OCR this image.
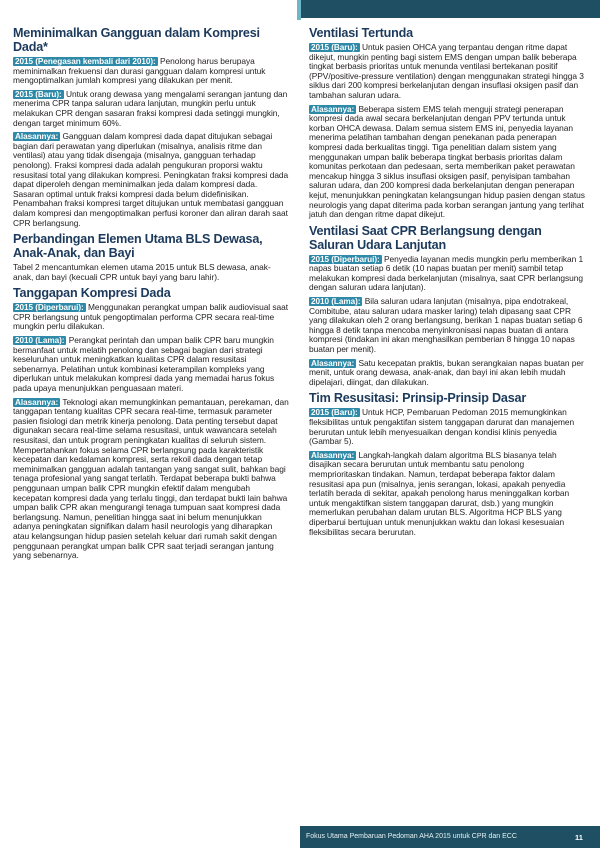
Meminimalkan Gangguan dalam Kompresi Dada*

2015 (Penegasan kembali dari 2010): Penolong harus berupaya meminimalkan frekuensi dan durasi gangguan dalam kompresi untuk mengoptimalkan jumlah kompresi yang dilakukan per menit.

2015 (Baru): Untuk orang dewasa yang mengalami serangan jantung dan menerima CPR tanpa saluran udara lanjutan, mungkin perlu untuk melakukan CPR dengan sasaran fraksi kompresi dada setinggi mungkin, dengan target minimum 60%.

Alasannya: Gangguan dalam kompresi dada dapat ditujukan sebagai bagian dari perawatan yang diperlukan (misalnya, analisis ritme dan ventilasi) atau yang tidak disengaja (misalnya, gangguan terhadap penolong). Fraksi kompresi dada adalah pengukuran proporsi waktu resusitasi total yang dilakukan kompresi. Peningkatan fraksi kompresi dada dapat diperoleh dengan meminimalkan jeda dalam kompresi dada. Sasaran optimal untuk fraksi kompresi dada belum didefinisikan. Penambahan fraksi kompresi target ditujukan untuk membatasi gangguan dalam kompresi dan mengoptimalkan perfusi koroner dan aliran darah saat CPR berlangsung.

Perbandingan Elemen Utama BLS Dewasa, Anak-Anak, dan Bayi

Tabel 2 mencantumkan elemen utama 2015 untuk BLS dewasa, anak-anak, dan bayi (kecuali CPR untuk bayi yang baru lahir).

Tanggapan Kompresi Dada

2015 (Diperbarui): Menggunakan perangkat umpan balik audiovisual saat CPR berlangsung untuk pengoptimalan performa CPR secara real-time mungkin perlu dilakukan.

2010 (Lama): Perangkat perintah dan umpan balik CPR baru mungkin bermanfaat untuk melatih penolong dan sebagai bagian dari strategi keseluruhan untuk meningkatkan kualitas CPR dalam resusitasi sebenarnya. Pelatihan untuk kombinasi keterampilan kompleks yang diperlukan untuk melakukan kompresi dada yang memadai harus fokus pada upaya menunjukkan penguasaan materi.

Alasannya: Teknologi akan memungkinkan pemantauan, perekaman, dan tanggapan tentang kualitas CPR secara real-time, termasuk parameter pasien fisiologi dan metrik kinerja penolong. Data penting tersebut dapat digunakan secara real-time selama resusitasi, untuk wawancara setelah resusitasi, dan untuk program peningkatan kualitas di seluruh sistem. Mempertahankan fokus selama CPR berlangsung pada karakteristik kecepatan dan kedalaman kompresi, serta rekoil dada dengan tetap meminimalkan gangguan adalah tantangan yang sangat sulit, bahkan bagi tenaga profesional yang sangat terlatih. Terdapat beberapa bukti bahwa penggunaan umpan balik CPR mungkin efektif dalam mengubah kecepatan kompresi dada yang terlalu tinggi, dan terdapat bukti lain bahwa umpan balik CPR akan mengurangi tenaga tumpuan saat kompresi dada berlangsung. Namun, penelitian hingga saat ini belum menunjukkan adanya peningkatan signifikan dalam hasil neurologis yang diharapkan atau kelangsungan hidup pasien setelah keluar dari rumah sakit dengan penggunaan perangkat umpan balik CPR saat terjadi serangan jantung yang sebenarnya.

Ventilasi Tertunda

2015 (Baru): Untuk pasien OHCA yang terpantau dengan ritme dapat dikejut, mungkin penting bagi sistem EMS dengan umpan balik beberapa tingkat berbasis prioritas untuk menunda ventilasi bertekanan positif (PPV/positive-pressure ventilation) dengan menggunakan strategi hingga 3 siklus dari 200 kompresi berkelanjutan dengan insuflasi oksigen pasif dan tambahan saluran udara.

Alasannya: Beberapa sistem EMS telah menguji strategi penerapan kompresi dada awal secara berkelanjutan dengan PPV tertunda untuk korban OHCA dewasa. Dalam semua sistem EMS ini, penyedia layanan menerima pelatihan tambahan dengan penekanan pada penerapan kompresi dada berkualitas tinggi. Tiga penelitian dalam sistem yang menggunakan umpan balik beberapa tingkat berbasis prioritas dalam komunitas perkotaan dan pedesaan, serta memberikan paket perawatan mencakup hingga 3 siklus insuflasi oksigen pasif, penyisipan tambahan saluran udara, dan 200 kompresi dada berkelanjutan dengan penerapan kejut, menunjukkan peningkatan kelangsungan hidup pasien dengan status neurologis yang dapat diterima pada korban serangan jantung yang terlihat jatuh dan dengan ritme dapat dikejut.

Ventilasi Saat CPR Berlangsung dengan Saluran Udara Lanjutan

2015 (Diperbarui): Penyedia layanan medis mungkin perlu memberikan 1 napas buatan setiap 6 detik (10 napas buatan per menit) sambil tetap melakukan kompresi dada berkelanjutan (misalnya, saat CPR berlangsung dengan saluran udara lanjutan).

2010 (Lama): Bila saluran udara lanjutan (misalnya, pipa endotrakeal, Combitube, atau saluran udara masker laring) telah dipasang saat CPR yang dilakukan oleh 2 orang berlangsung, berikan 1 napas buatan setiap 6 hingga 8 detik tanpa mencoba menyinkronisasi napas buatan di antara kompresi (tindakan ini akan menghasilkan pemberian 8 hingga 10 napas buatan per menit).

Alasannya: Satu kecepatan praktis, bukan serangkaian napas buatan per menit, untuk orang dewasa, anak-anak, dan bayi ini akan lebih mudah dipelajari, diingat, dan dilakukan.

Tim Resusitasi: Prinsip-Prinsip Dasar

2015 (Baru): Untuk HCP, Pembaruan Pedoman 2015 memungkinkan fleksibilitas untuk pengaktifan sistem tanggapan darurat dan manajemen berurutan untuk lebih menyesuaikan dengan kondisi klinis penyedia (Gambar 5).

Alasannya: Langkah-langkah dalam algoritma BLS biasanya telah disajikan secara berurutan untuk membantu satu penolong memprioritaskan tindakan. Namun, terdapat beberapa faktor dalam resusitasi apa pun (misalnya, jenis serangan, lokasi, apakah penyedia terlatih berada di sekitar, apakah penolong harus meninggalkan korban untuk mengaktifkan sistem tanggapan darurat, dsb.) yang mungkin memerlukan perubahan dalam urutan BLS. Algoritma HCP BLS yang diperbarui bertujuan untuk menunjukkan waktu dan lokasi kesesuaian fleksibilitas secara berurutan.

Fokus Utama Pembaruan Pedoman AHA 2015 untuk CPR dan ECC	11
